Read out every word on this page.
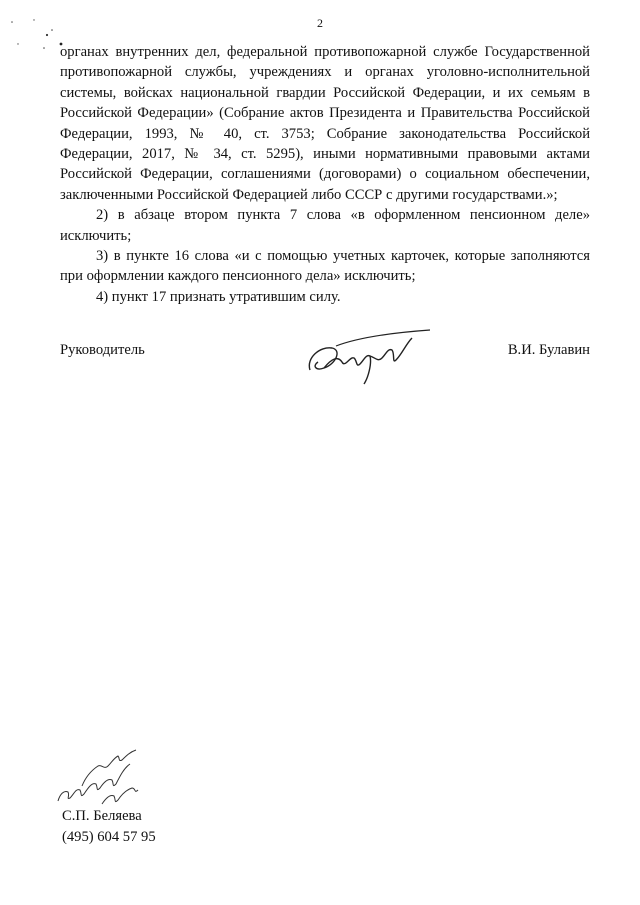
2

органах внутренних дел, федеральной противопожарной службе Государственной противопожарной службы, учреждениях и органах уголовно-исполнительной системы, войсках национальной гвардии Российской Федерации, и их семьям в Российской Федерации» (Собрание актов Президента и Правительства Российской Федерации, 1993, № 40, ст. 3753; Собрание законодательства Российской Федерации, 2017, № 34, ст. 5295), иными нормативными правовыми актами Российской Федерации, соглашениями (договорами) о социальном обеспечении, заключенными Российской Федерацией либо СССР с другими государствами.»;

2) в абзаце втором пункта 7 слова «в оформленном пенсионном деле» исключить;

3) в пункте 16 слова «и с помощью учетных карточек, которые заполняются при оформлении каждого пенсионного дела» исключить;

4) пункт 17 признать утратившим силу.

Руководитель	В.И. Булавин
С.П. Беляева
(495) 604 57 95
